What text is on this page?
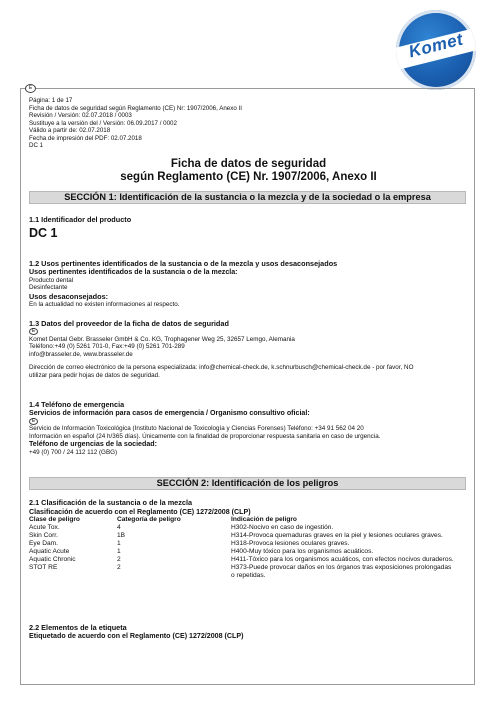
Komet
E
Página: 1 de 17
Ficha de datos de seguridad según Reglamento (CE) Nr: 1907/2006, Anexo II
Revisión / Versión: 02.07.2018 / 0003
Sustituye a la versión del / Versión: 06.09.2017 / 0002
Válido a partir de: 02.07.2018
Fecha de impresión del PDF: 02.07.2018
DC 1
Ficha de datos de seguridad
según Reglamento (CE) Nr. 1907/2006, Anexo II
SECCIÓN 1: Identificación de la sustancia o la mezcla y de la sociedad o la empresa
1.1 Identificador del producto
DC 1
1.2 Usos pertinentes identificados de la sustancia o de la mezcla y usos desaconsejados
Usos pertinentes identificados de la sustancia o de la mezcla:
Producto dental
Desinfectante
Usos desaconsejados:
En la actualidad no existen informaciones al respecto.
1.3 Datos del proveedor de la ficha de datos de seguridad
E
Komet Dental Gebr. Brasseler GmbH & Co. KG, Trophagener Weg 25, 32657 Lemgo, Alemania
Teléfono:+49 (0) 5261 701-0, Fax:+49 (0) 5261 701-289
info@brasseler.de, www.brasseler.de
Dirección de correo electrónico de la persona especializada: info@chemical-check.de, k.schnurbusch@chemical-check.de - por favor, NO
utilizar para pedir hojas de datos de seguridad.
1.4 Teléfono de emergencia
Servicios de información para casos de emergencia / Organismo consultivo oficial:
E
Servicio de Información Toxicológica (Instituto Nacional de Toxicología y Ciencias Forenses) Teléfono: +34 91 562 04 20
Información en español (24 h/365 días). Únicamente con la finalidad de proporcionar respuesta sanitaria en caso de urgencia.
Teléfono de urgencias de la sociedad:
+49 (0) 700 / 24 112 112 (GBG)
SECCIÓN 2: Identificación de los peligros
2.1 Clasificación de la sustancia o de la mezcla
Clasificación de acuerdo con el Reglamento (CE) 1272/2008 (CLP)
Clase de peligro	Categoría de peligro	Indicación de peligro
Acute Tox.	4	H302-Nocivo en caso de ingestión.
Skin Corr.	1B	H314-Provoca quemaduras graves en la piel y lesiones oculares graves.
Eye Dam.	1	H318-Provoca lesiones oculares graves.
Aquatic Acute	1	H400-Muy tóxico para los organismos acuáticos.
Aquatic Chronic	2	H411-Tóxico para los organismos acuáticos, con efectos nocivos duraderos.
STOT RE	2	H373-Puede provocar daños en los órganos tras exposiciones prolongadas o repetidas.
2.2 Elementos de la etiqueta
Etiquetado de acuerdo con el Reglamento (CE) 1272/2008 (CLP)
